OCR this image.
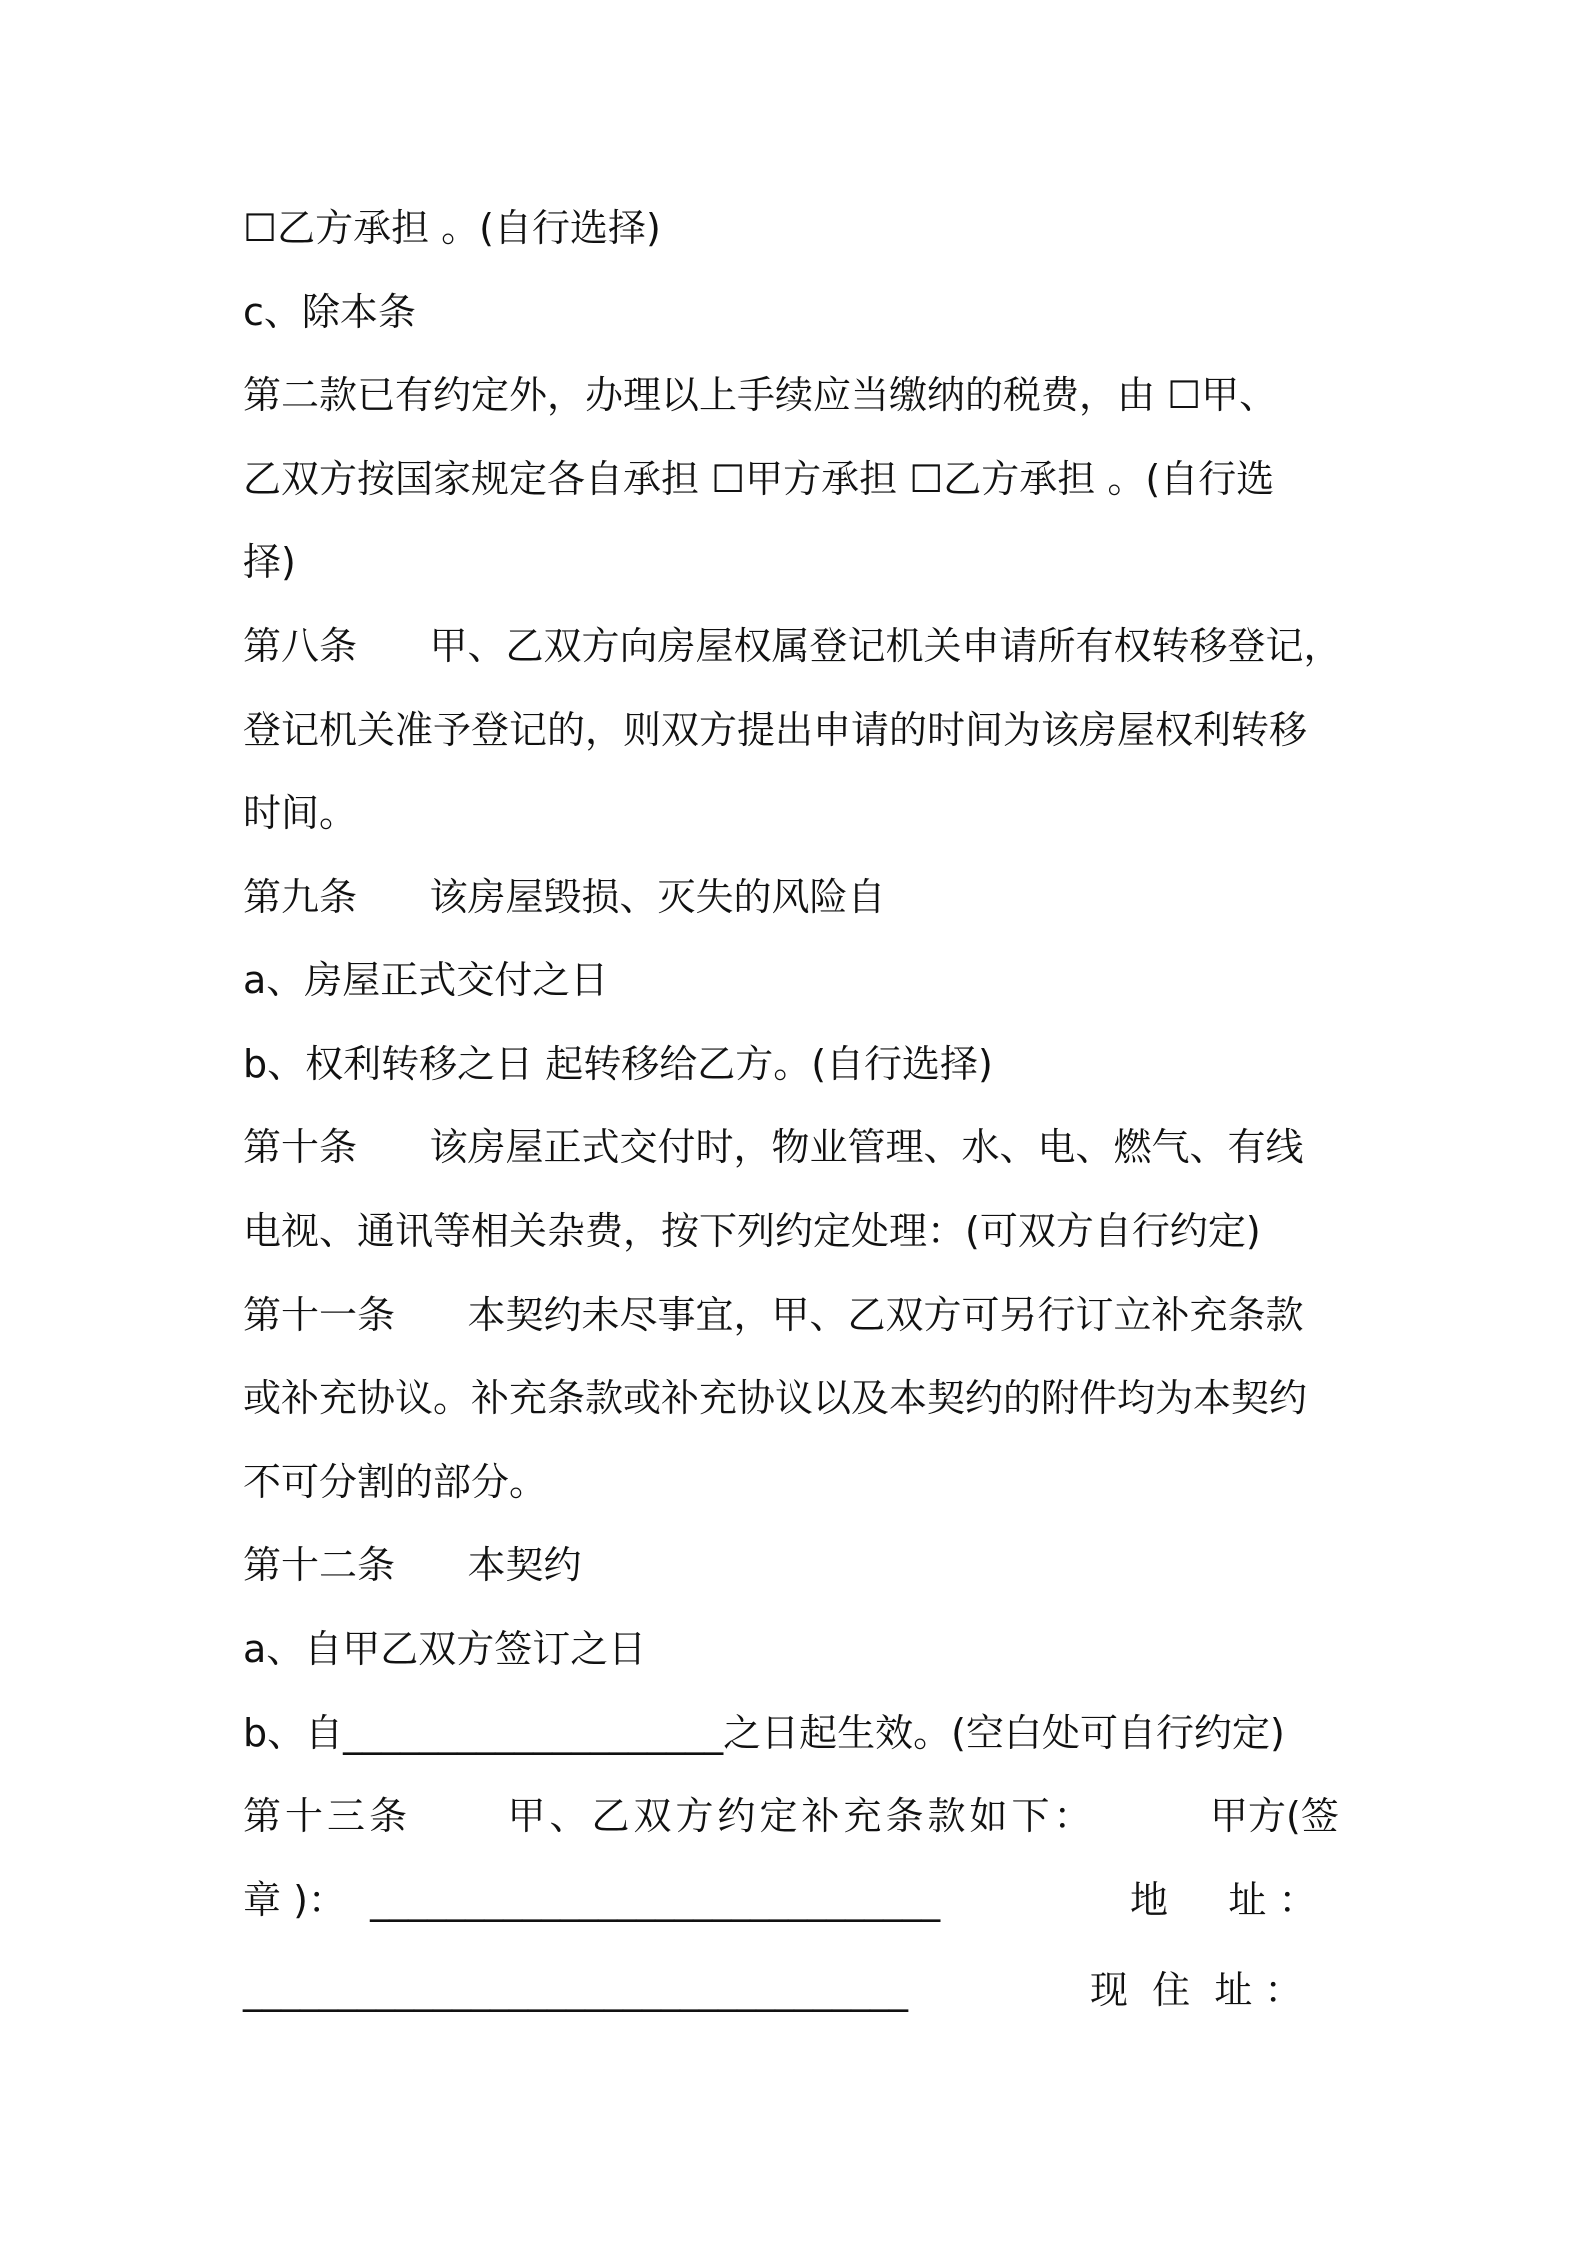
☐乙方承担 。(自行选择)
c、除本条
第二款已有约定外，办理以上手续应当缴纳的税费，由 ☐甲、
乙双方按国家规定各自承担 ☐甲方承担 ☐乙方承担 。(自行选
择)
第八条      甲、乙双方向房屋权属登记机关申请所有权转移登记，
登记机关准予登记的，则双方提出申请的时间为该房屋权利转移
时间。
第九条      该房屋毁损、灭失的风险自
a、房屋正式交付之日
b、权利转移之日 起转移给乙方。(自行选择)
第十条      该房屋正式交付时，物业管理、水、电、燃气、有线
电视、通讯等相关杂费，按下列约定处理：(可双方自行约定)
第十一条      本契约未尽事宜，甲、乙双方可另行订立补充条款
或补充协议。补充条款或补充协议以及本契约的附件均为本契约
不可分割的部分。
第十二条      本契约
a、自甲乙双方签订之日
b、自____________________之日起生效。(空白处可自行约定)
第十三条      甲、乙双方约定补充条款如下：	甲方(签
章 )：  ______________________________	地     址 ：
___________________________________	现  住  址 ：
